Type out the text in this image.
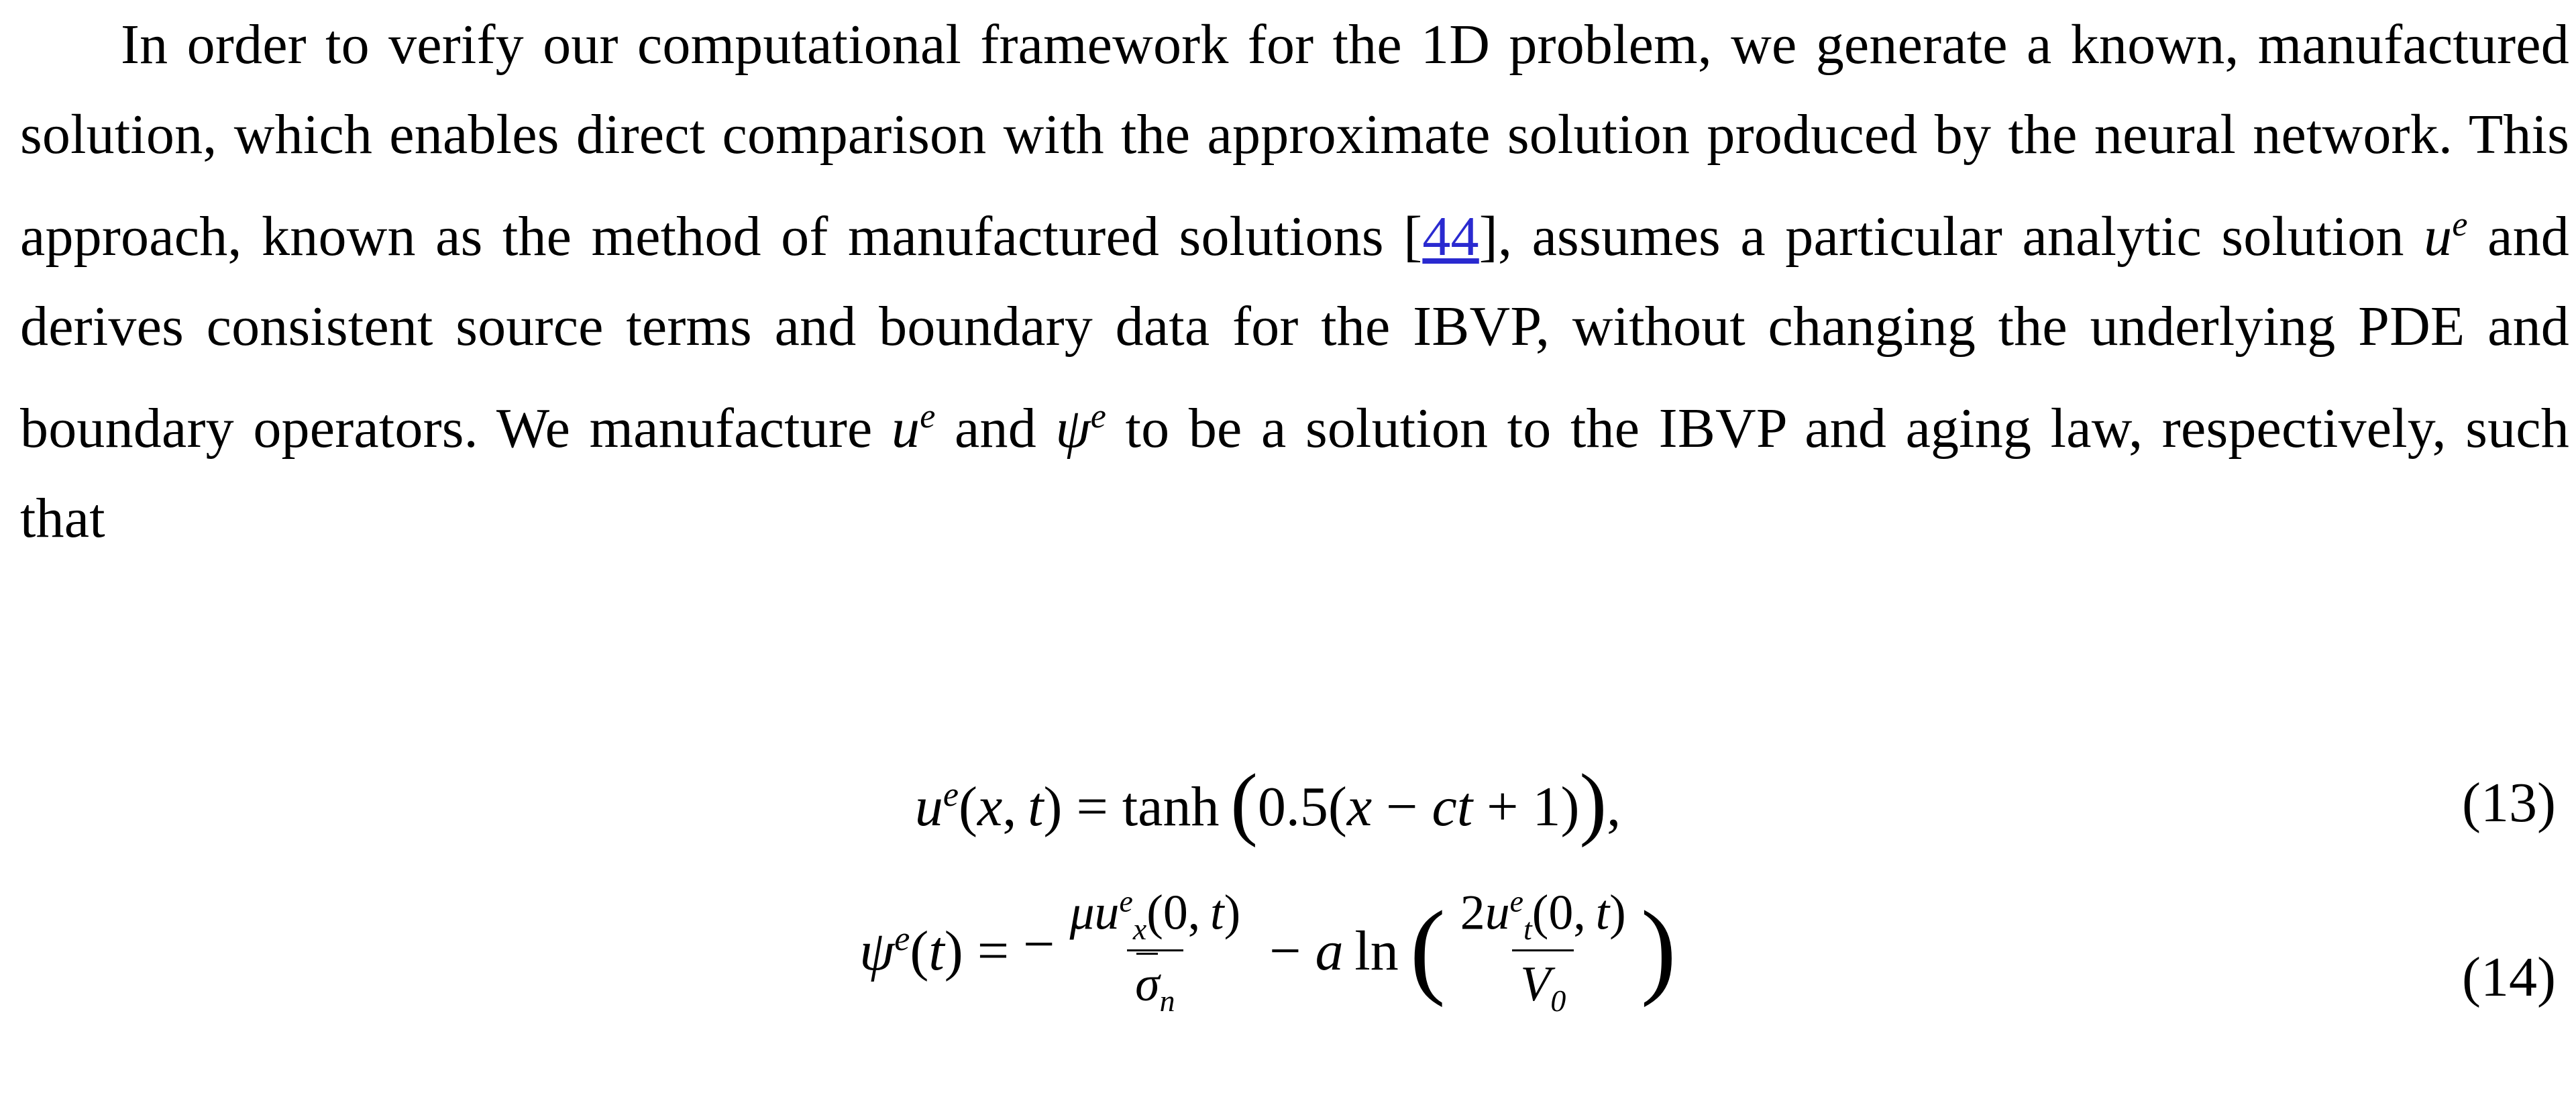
In order to verify our computational framework for the 1D problem, we generate a known, manufactured solution, which enables direct comparison with the approximate solution produced by the neural network. This approach, known as the method of manufactured solutions [44], assumes a particular analytic solution $u^e$ and derives consistent source terms and boundary data for the IBVP, without changing the underlying PDE and boundary operators. We manufacture $u^e$ and $\psi^e$ to be a solution to the IBVP and aging law, respectively, such that
$u^e(x$,  t) = tanh  (0.5(x − ct + 1)),	(13)
$\psi^e(t)$ = − $\frac{\mu u^e_x(0, t)}{\sigma_n} - a$  ln  ( $\frac{2u^e_t(0, t)}{V_0}$ )	(14)
